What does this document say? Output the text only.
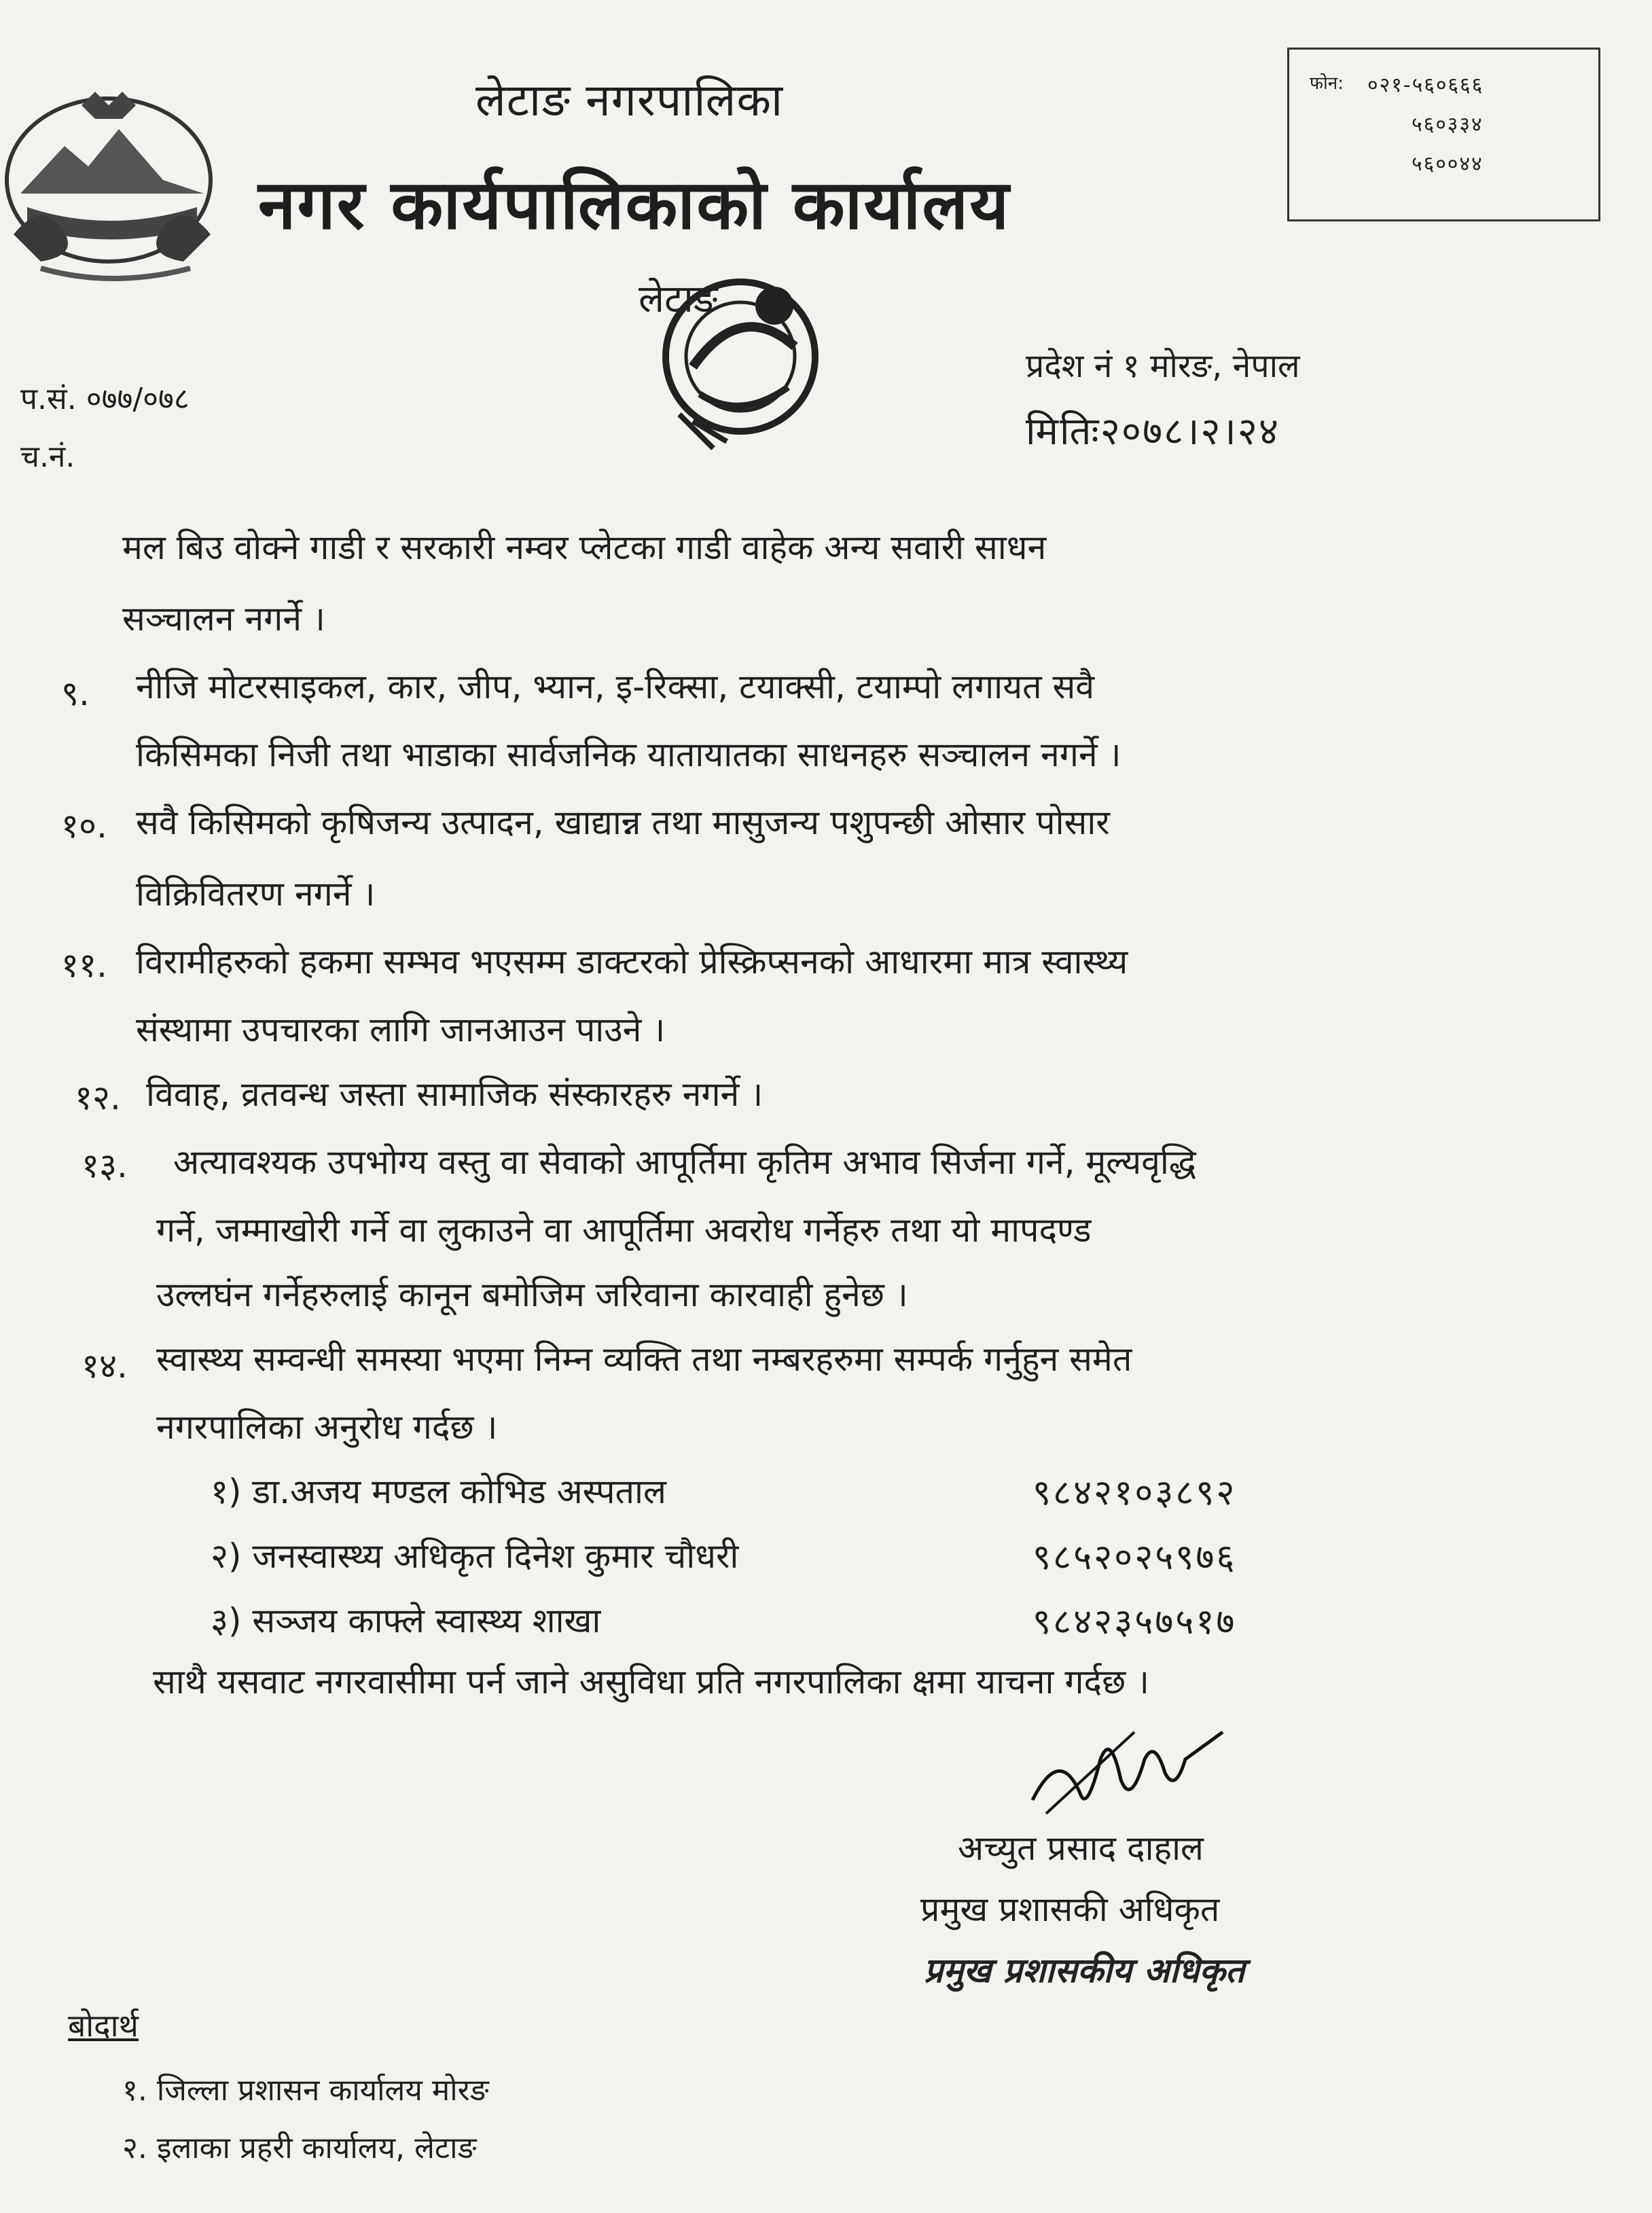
लेटाङ नगरपालिका
नगर कार्यपालिकाको कार्यालय
लेटाङ
फोन: ०२१-५६०६६६
५६०३३४
५६००४४
प.सं. ०७७/०७८
च.नं.
प्रदेश नं १ मोरङ, नेपाल
मितिः२०७८।२।२४
मल बिउ वोक्ने गाडी र सरकारी नम्वर प्लेटका गाडी वाहेक अन्य सवारी साधन
सञ्चालन नगर्ने ।
९. नीजि मोटरसाइकल, कार, जीप, भ्यान, इ-रिक्सा, टयाक्सी, टयाम्पो लगायत सवै
किसिमका निजी तथा भाडाका सार्वजनिक यातायातका साधनहरु सञ्चालन नगर्ने ।
१०. सवै किसिमको कृषिजन्य उत्पादन, खाद्यान्न तथा मासुजन्य पशुपन्छी ओसार पोसार
विक्रिवितरण नगर्ने ।
११. विरामीहरुको हकमा सम्भव भएसम्म डाक्टरको प्रेस्क्रिप्सनको आधारमा मात्र स्वास्थ्य
संस्थामा उपचारका लागि जानआउन पाउने ।
१२. विवाह, व्रतवन्ध जस्ता सामाजिक संस्कारहरु नगर्ने ।
१३. अत्यावश्यक उपभोग्य वस्तु वा सेवाको आपूर्तिमा कृतिम अभाव सिर्जना गर्ने, मूल्यवृद्धि
गर्ने, जम्माखोरी गर्ने वा लुकाउने वा आपूर्तिमा अवरोध गर्नेहरु तथा यो मापदण्ड
उल्लघंन गर्नेहरुलाई कानून बमोजिम जरिवाना कारवाही हुनेछ ।
१४. स्वास्थ्य सम्वन्धी समस्या भएमा निम्न व्यक्ति तथा नम्बरहरुमा सम्पर्क गर्नुहुन समेत
नगरपालिका अनुरोध गर्दछ ।
१) डा.अजय मण्डल कोभिड अस्पताल	९८४२१०३८९२
२) जनस्वास्थ्य अधिकृत दिनेश कुमार चौधरी	९८५२०२५९७६
३) सञ्जय काफ्ले स्वास्थ्य शाखा	९८४२३५७५१७
साथै यसवाट नगरवासीमा पर्न जाने असुविधा प्रति नगरपालिका क्षमा याचना गर्दछ ।
अच्युत प्रसाद दाहाल
प्रमुख प्रशासकी अधिकृत
प्रमुख प्रशासकीय अधिकृत
बोदार्थ
१. जिल्ला प्रशासन कार्यालय मोरङ
२. इलाका प्रहरी कार्यालय, लेटाङ
